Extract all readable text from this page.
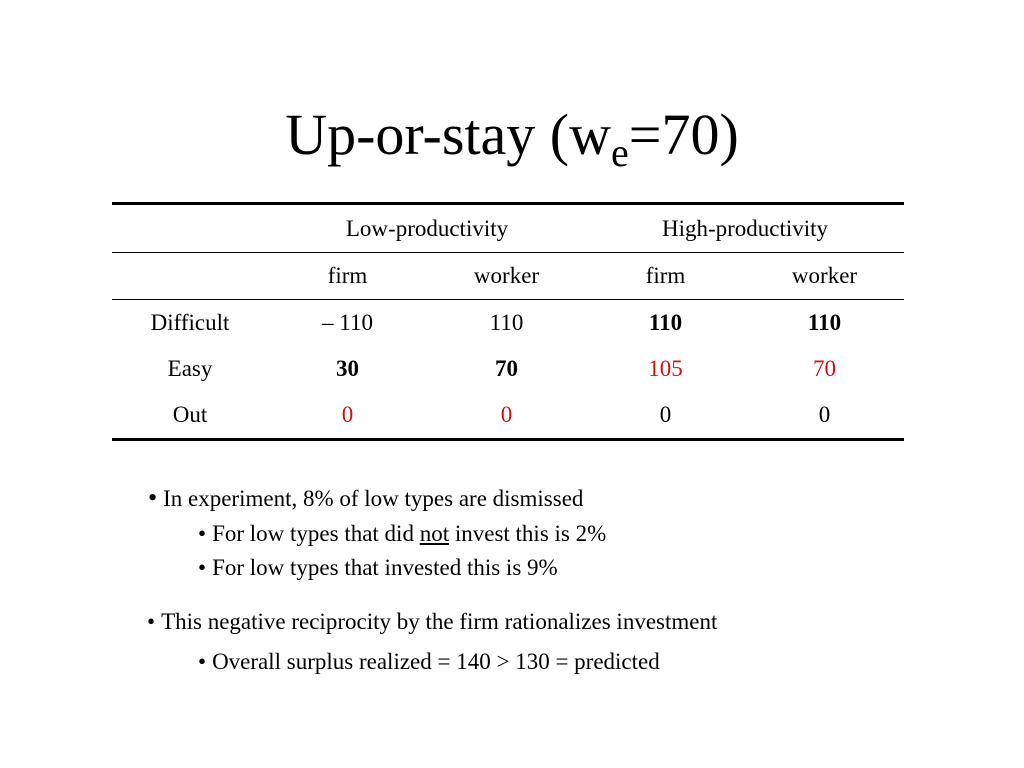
Up-or-stay $(w_e=70)$
	Low-productivity		High-productivity	
	firm	worker	firm	worker
Difficult	– 110	110	110	110
Easy	30	70	105	70
Out	0	0	0	0
• In experiment, 8% of low types are dismissed
• For low types that did not invest this is 2%
• For low types that invested this is 9%
• This negative reciprocity by the firm rationalizes investment
• Overall surplus realized = 140 > 130 = predicted
